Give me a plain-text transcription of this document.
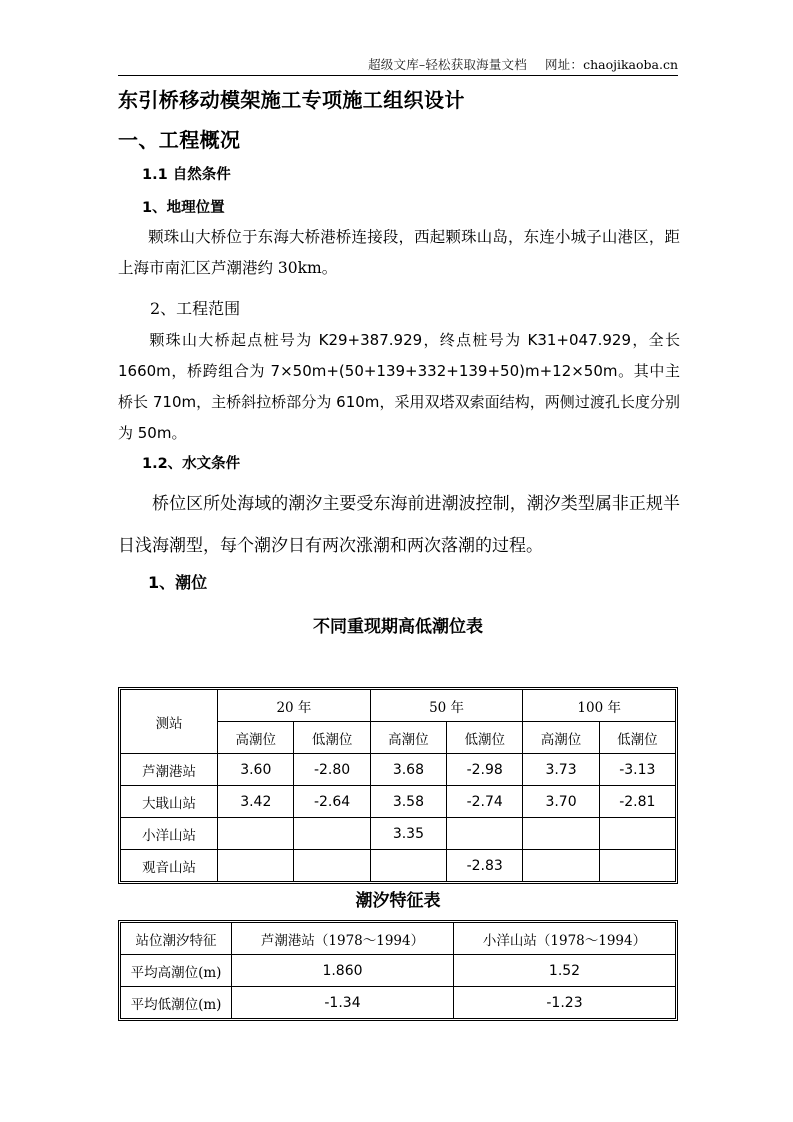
超级文库–轻松获取海量文档 网址：chaojikaoba.cn
东引桥移动模架施工专项施工组织设计
一、工程概况
1.1 自然条件
1、地理位置
颗珠山大桥位于东海大桥港桥连接段，西起颗珠山岛，东连小城子山港区，距上海市南汇区芦潮港约 30km。
2、工程范围
颗珠山大桥起点桩号为 K29+387.929，终点桩号为 K31+047.929，全长 1660m，桥跨组合为 7×50m+(50+139+332+139+50)m+12×50m。其中主桥长 710m，主桥斜拉桥部分为 610m，采用双塔双索面结构，两侧过渡孔长度分别为 50m。
1.2、水文条件
桥位区所处海域的潮汐主要受东海前进潮波控制，潮汐类型属非正规半日浅海潮型，每个潮汐日有两次涨潮和两次落潮的过程。
1、潮位
不同重现期高低潮位表
测站	20 年		50 年		100 年	
	高潮位	低潮位	高潮位	低潮位	高潮位	低潮位
芦潮港站	3.60	-2.80	3.68	-2.98	3.73	-3.13
大戢山站	3.42	-2.64	3.58	-2.74	3.70	-2.81
小洋山站			3.35			
观音山站				-2.83		
潮汐特征表
站位潮汐特征	芦潮港站（1978～1994）	小洋山站（1978～1994）
平均高潮位(m)	1.860	1.52
平均低潮位(m)	-1.34	-1.23
